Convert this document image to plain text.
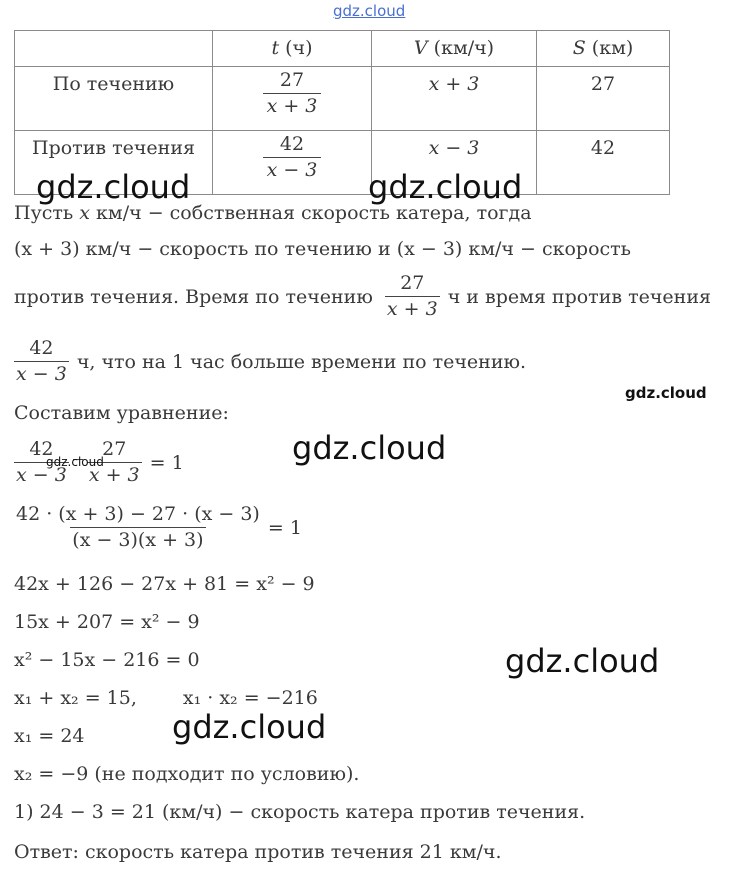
gdz.cloud
	t (ч)	V (км/ч)	S (км)

По течению	$\frac{27}{x + 3}$	x + 3	27

Против течения	$\frac{42}{x - 3}$	x − 3	42
gdz.cloud	gdz.cloud
Пусть x км/ч − собственная скорость катера, тогда
(x + 3) км/ч − скорость по течению и (x − 3) км/ч − скорость
против течения. Время по течению $\frac{27}{x + 3}$ ч и время против течения
$\frac{42}{x - 3} ч$, что на 1 час больше времени по течению.
gdz.cloud
Составим уравнение:
$\frac{42}{x - 3} \frac{27}{x + 3} = 1$
gdz.cloud	gdz.cloud
$\frac{42 \cdot (x + 3) - 27 \cdot (x - 3)}{(x - 3)(x + 3)} = 1$
42x + 126 − 27x + 81 = x² − 9
15x + 207 = x² − 9
x² − 15x − 216 = 0	gdz.cloud
x₁ + x₂ = 15, x₁ · x₂ = −216
gdz.cloud
x₁ = 24
x₂ = −9 (не подходит по условию).
1) 24 − 3 = 21 (км/ч) − скорость катера против течения.
Ответ: скорость катера против течения 21 км/ч.
